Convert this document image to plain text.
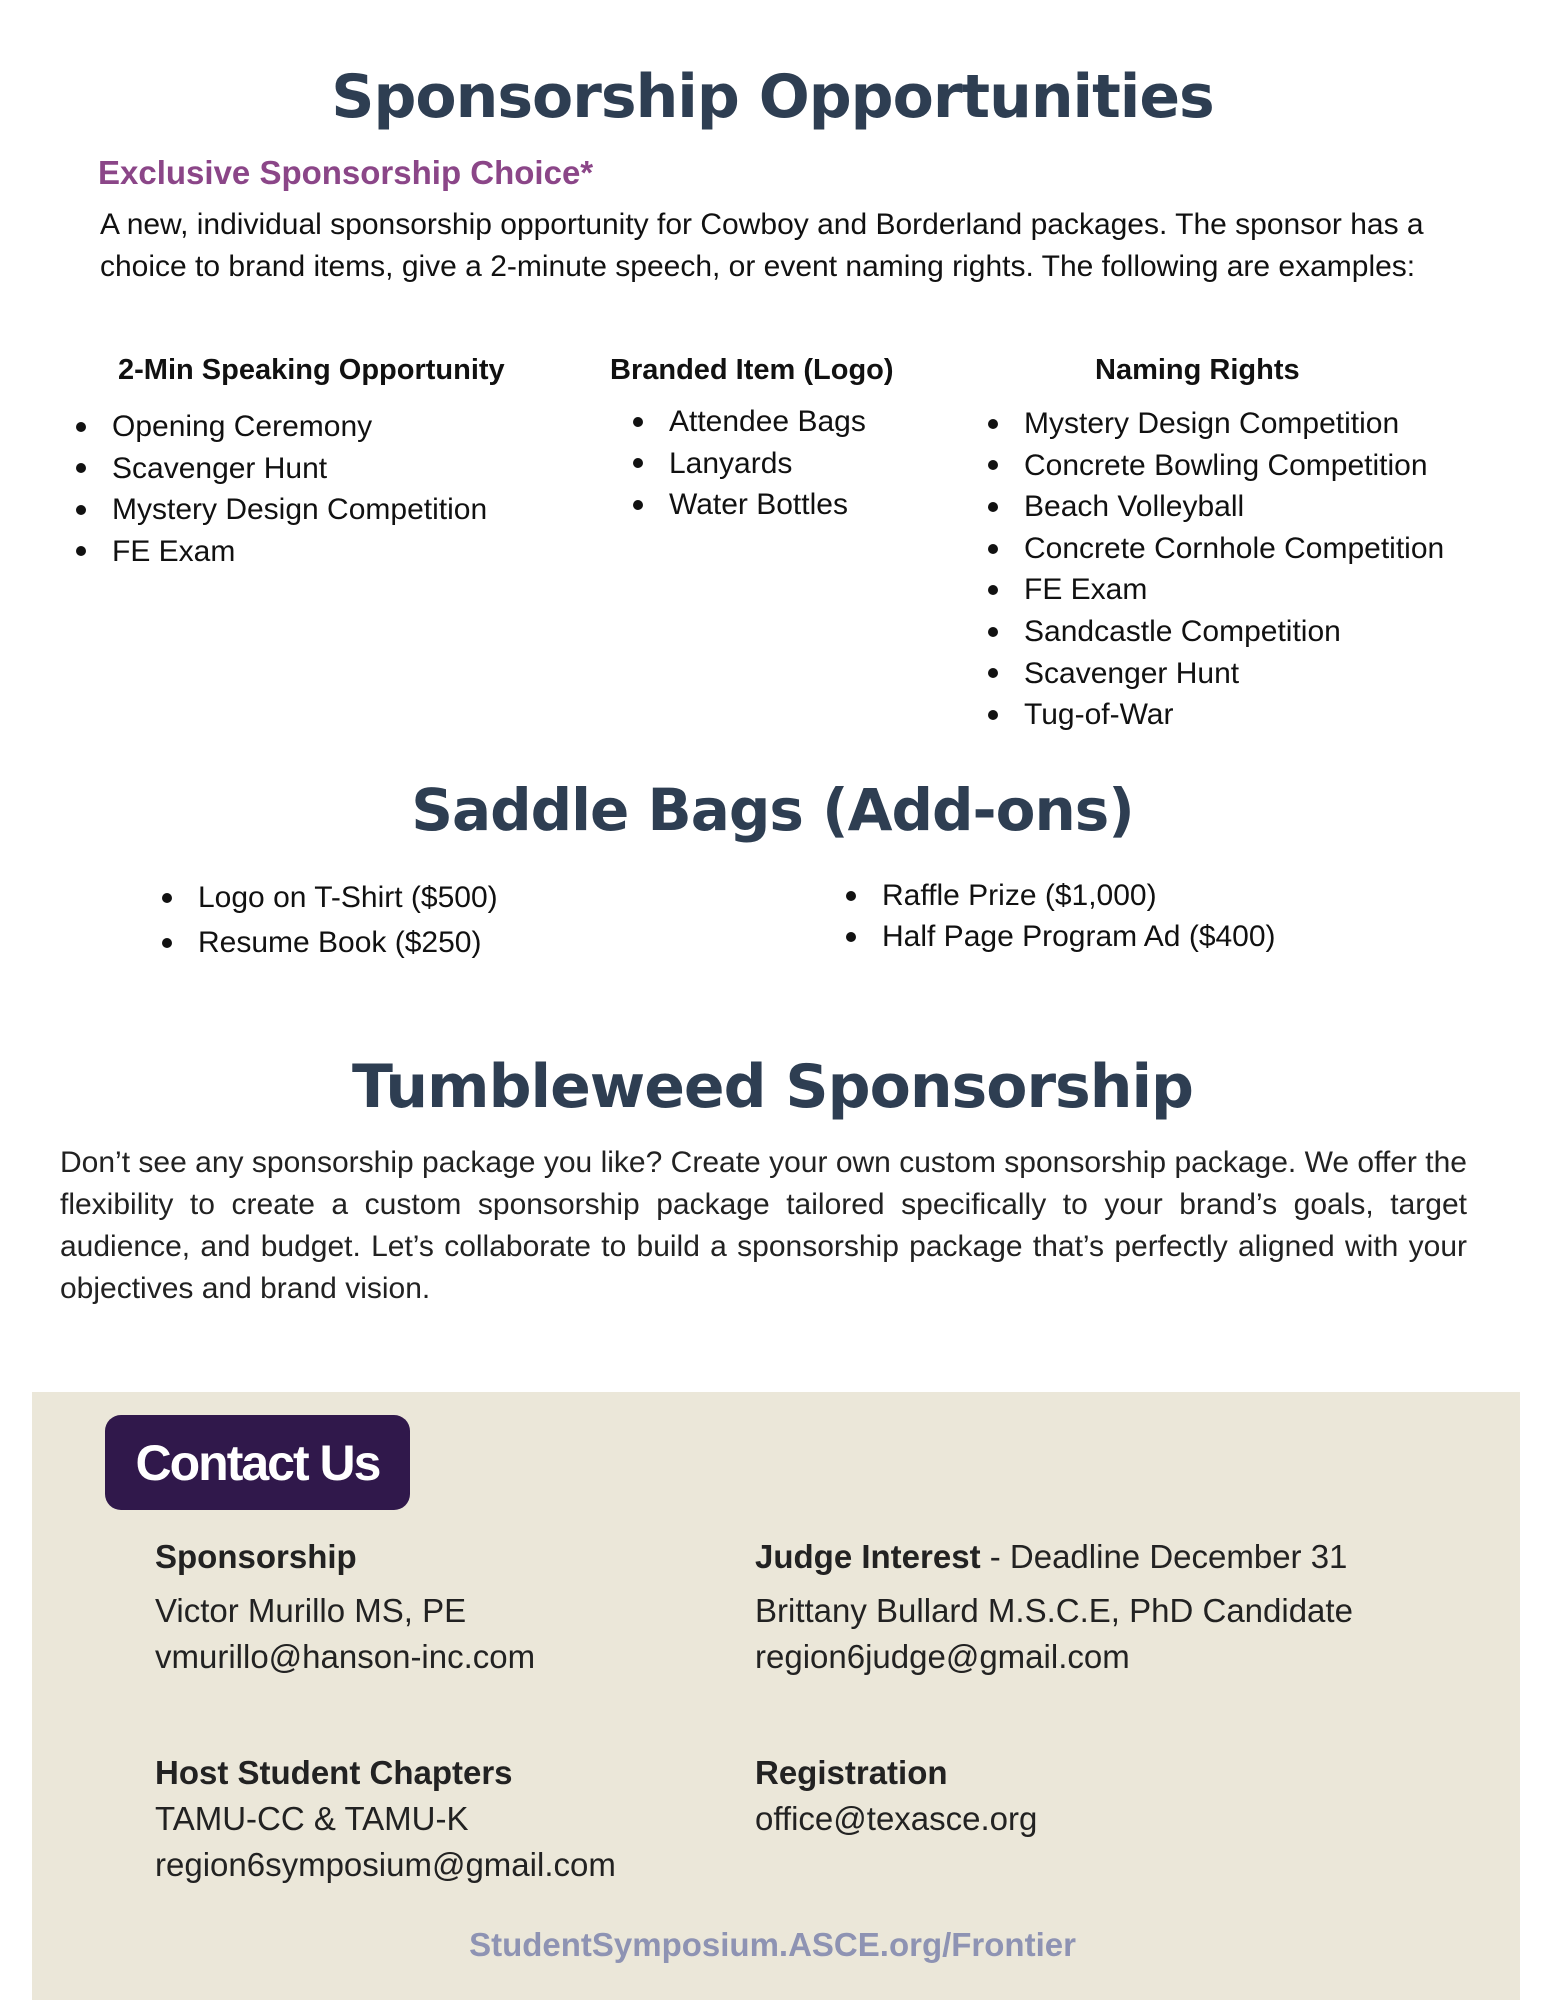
Sponsorship Opportunities
Exclusive Sponsorship Choice*

A new, individual sponsorship opportunity for Cowboy and Borderland packages. The sponsor has a choice to brand items, give a 2-minute speech, or event naming rights. The following are examples:

2-Min Speaking Opportunity	Branded Item (Logo)	Naming Rights
Opening Ceremony
Scavenger Hunt
Mystery Design Competition
FE Exam
Attendee Bags
Lanyards
Water Bottles
Mystery Design Competition
Concrete Bowling Competition
Beach Volleyball
Concrete Cornhole Competition
FE Exam
Sandcastle Competition
Scavenger Hunt
Tug-of-War
Saddle Bags (Add-ons)
Logo on T-Shirt ($500)
Resume Book ($250)
Raffle Prize ($1,000)
Half Page Program Ad ($400)
Tumbleweed Sponsorship

Don’t see any sponsorship package you like? Create your own custom sponsorship package. We offer the flexibility to create a custom sponsorship package tailored specifically to your brand’s goals, target audience, and budget. Let’s collaborate to build a sponsorship package that’s perfectly aligned with your objectives and brand vision.

Contact Us
Sponsorship
Victor Murillo MS, PE
vmurillo@hanson-inc.com
Judge Interest - Deadline December 31
Brittany Bullard M.S.C.E, PhD Candidate
region6judge@gmail.com
Host Student Chapters
TAMU-CC & TAMU-K
region6symposium@gmail.com
Registration
office@texasce.org
StudentSymposium.ASCE.org/Frontier
